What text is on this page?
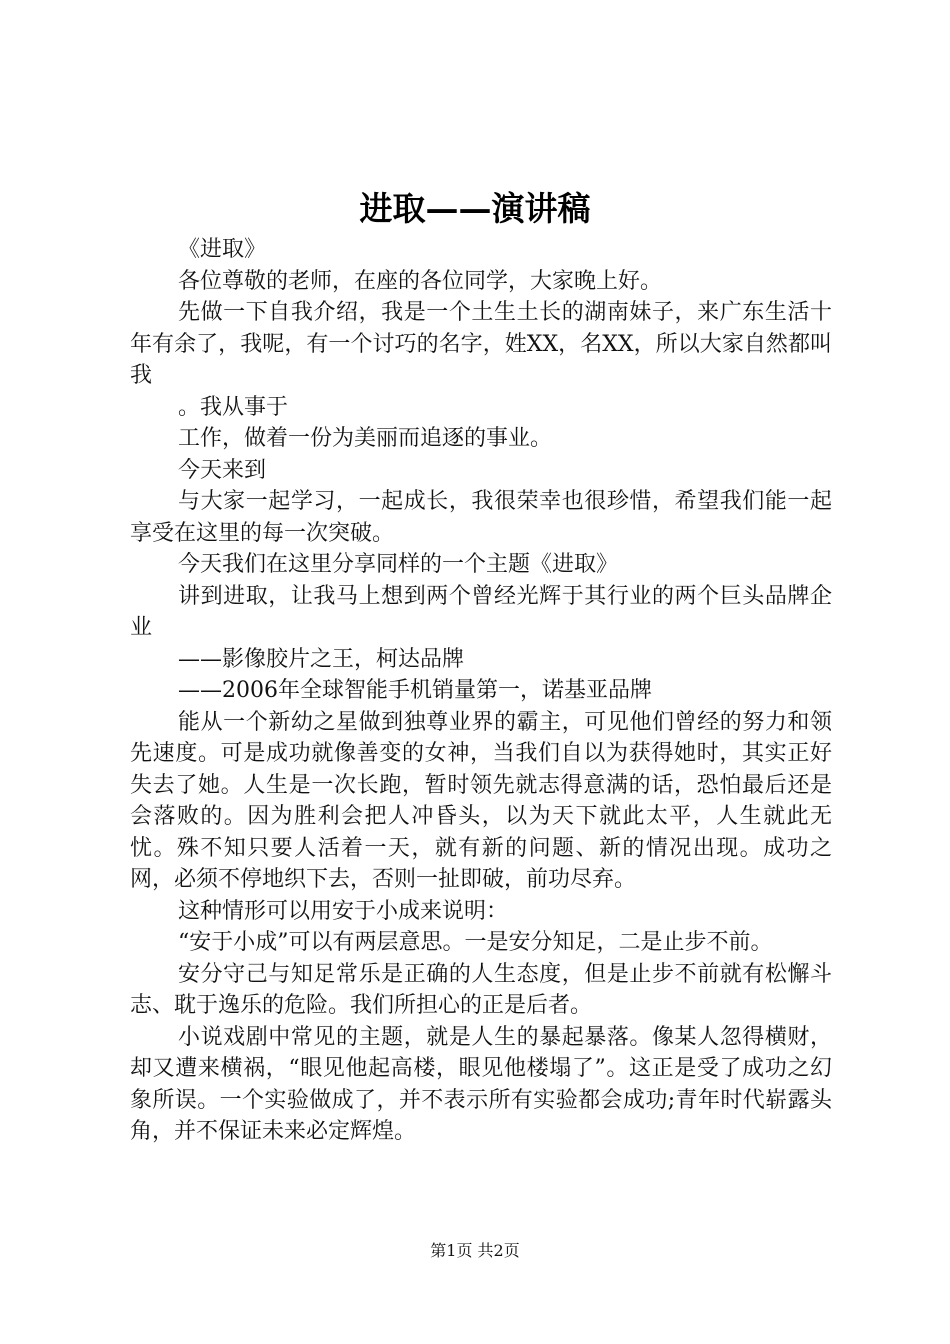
进取——演讲稿

《进取》

各位尊敬的老师，在座的各位同学，大家晚上好。

先做一下自我介绍，我是一个土生土长的湖南妹子，来广东生活十年有余了，我呢，有一个讨巧的名字，姓XX，名XX，所以大家自然都叫我

。我从事于

工作，做着一份为美丽而追逐的事业。

今天来到

与大家一起学习，一起成长，我很荣幸也很珍惜，希望我们能一起享受在这里的每一次突破。

今天我们在这里分享同样的一个主题《进取》

讲到进取，让我马上想到两个曾经光辉于其行业的两个巨头品牌企业

——影像胶片之王，柯达品牌

——2006年全球智能手机销量第一，诺基亚品牌

能从一个新幼之星做到独尊业界的霸主，可见他们曾经的努力和领先速度。可是成功就像善变的女神，当我们自以为获得她时，其实正好失去了她。人生是一次长跑，暂时领先就志得意满的话，恐怕最后还是会落败的。因为胜利会把人冲昏头，以为天下就此太平，人生就此无忧。殊不知只要人活着一天，就有新的问题、新的情况出现。成功之网，必须不停地织下去，否则一扯即破，前功尽弃。

这种情形可以用安于小成来说明：

“安于小成”可以有两层意思。一是安分知足，二是止步不前。

安分守己与知足常乐是正确的人生态度，但是止步不前就有松懈斗志、耽于逸乐的危险。我们所担心的正是后者。

小说戏剧中常见的主题，就是人生的暴起暴落。像某人忽得横财，却又遭来横祸，“眼见他起高楼，眼见他楼塌了”。这正是受了成功之幻象所误。一个实验做成了，并不表示所有实验都会成功;青年时代崭露头角，并不保证未来必定辉煌。

第1页 共2页
